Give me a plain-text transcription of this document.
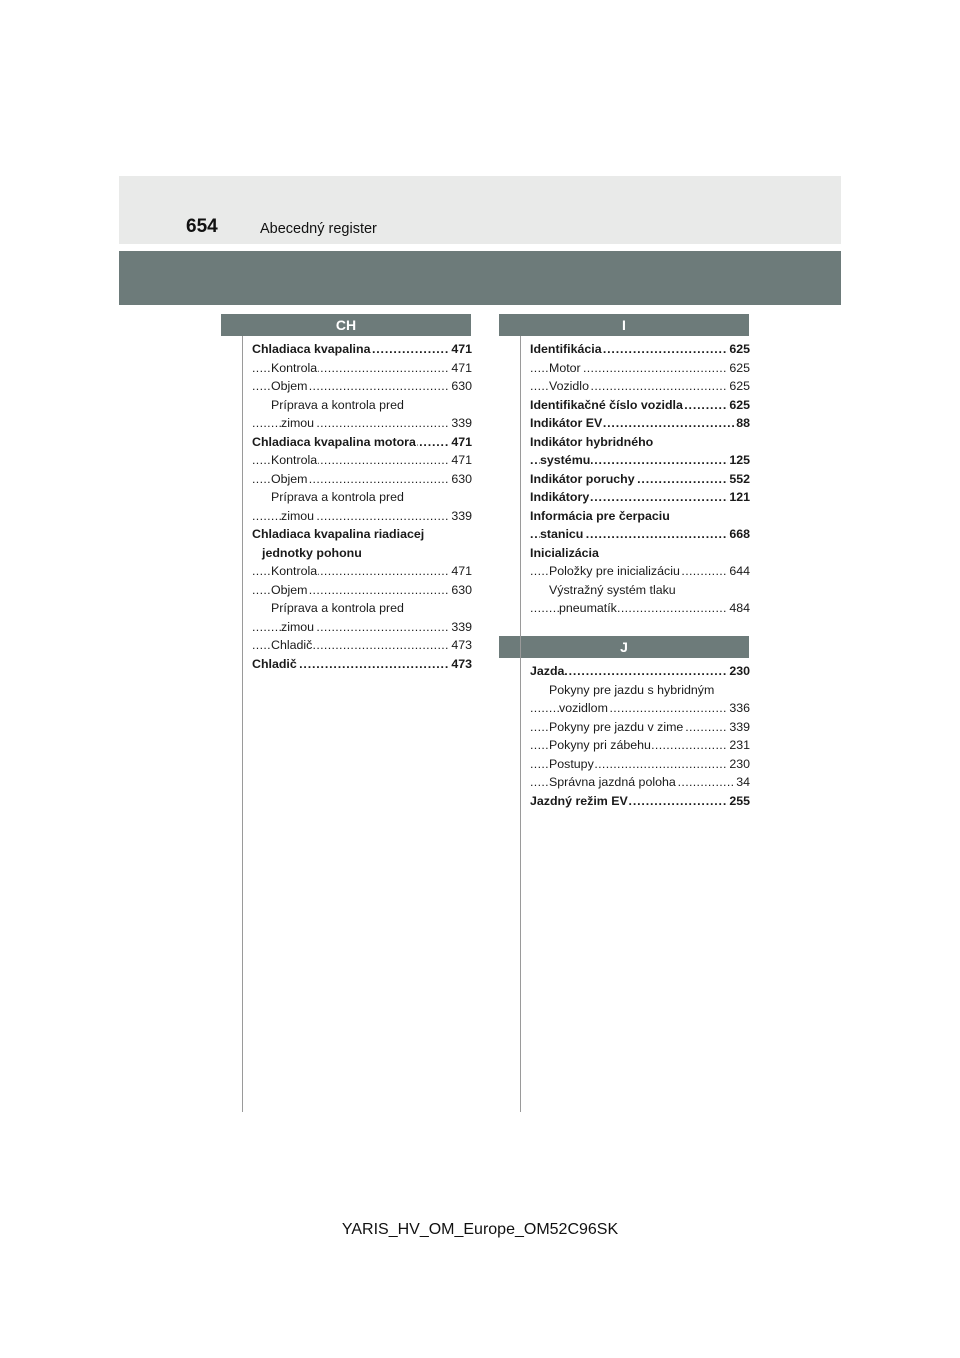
654	Abecedný register
CH	I
J
Chladiaca kvapalina	471
. . .
Kontrola	471
. . .
Objem	630
. . .
Príprava a kontrola pred
zimou	339
. . .
Chladiaca kvapalina motora	471
. . .
Kontrola	471
. . .
Objem	630
. . .
Príprava a kontrola pred
zimou	339
. . .
Chladiaca kvapalina riadiacej
jednotky pohonu
Kontrola	471
. . .
Objem	630
. . .
Príprava a kontrola pred
zimou	339
. . .
Chladič	473
. . .
Chladič	473
. . .
Identifikácia	625
. . .
Motor	625
. . .
Vozidlo	625
. . .
Identifikačné číslo vozidla	625
. . .
Indikátor EV	88
. . .
Indikátor hybridného
systému	125
. . .
Indikátor poruchy	552
. . .
Indikátory	121
. . .
Informácia pre čerpaciu
stanicu	668
. . .
Inicializácia
Položky pre inicializáciu	644
. . .
Výstražný systém tlaku
pneumatík	484
. . .
Jazda	230
. . .
Pokyny pre jazdu s hybridným
vozidlom	336
. . .
Pokyny pre jazdu v zime	339
. . .
Pokyny pri zábehu	231
. . .
Postupy	230
. . .
Správna jazdná poloha	34
. . .
Jazdný režim EV	255
. . .
YARIS_HV_OM_Europe_OM52C96SK
